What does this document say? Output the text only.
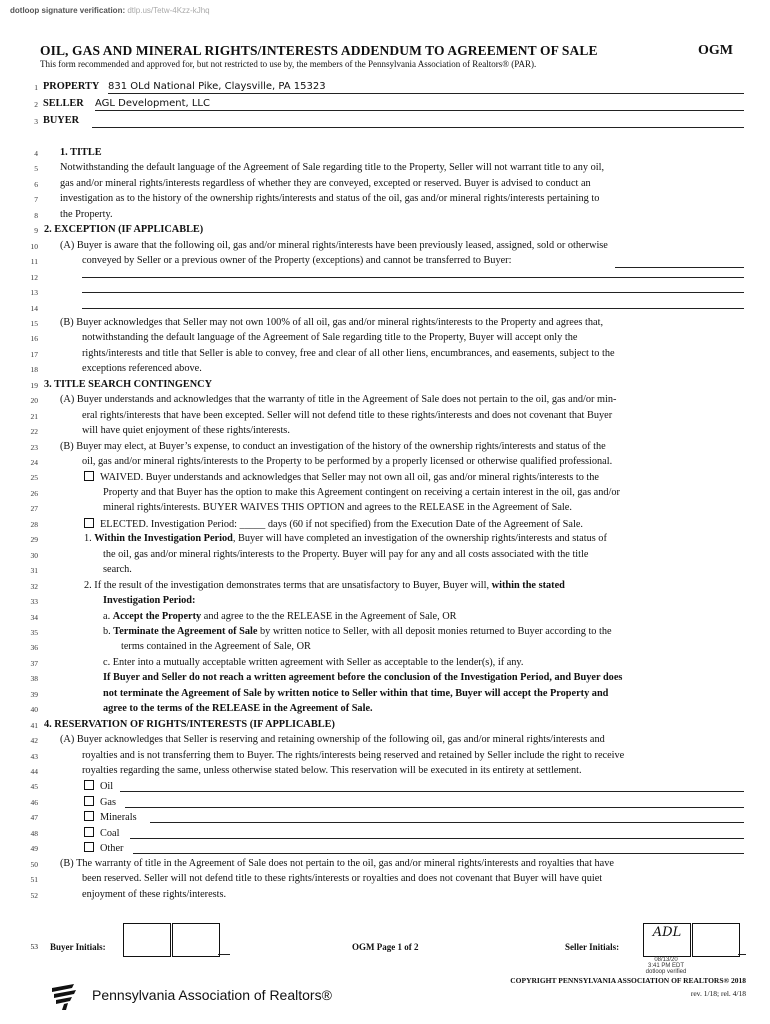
dotloop signature verification: dtlp.us/Tetw-4Kzz-kJhq
OIL, GAS AND MINERAL RIGHTS/INTERESTS ADDENDUM TO AGREEMENT OF SALE	OGM
This form recommended and approved for, but not restricted to use by, the members of the Pennsylvania Association of Realtors® (PAR).
1 PROPERTY 831 OLd National Pike, Claysville, PA 15323
2 SELLER AGL Development, LLC
3 BUYER
4 1. TITLE
5 Notwithstanding the default language of the Agreement of Sale regarding title to the Property, Seller will not warrant title to any oil,
6 gas and/or mineral rights/interests regardless of whether they are conveyed, excepted or reserved. Buyer is advised to conduct an
7 investigation as to the history of the ownership rights/interests and status of the oil, gas and/or mineral rights/interests pertaining to
8 the Property.
9 2. EXCEPTION (IF APPLICABLE)
10 (A) Buyer is aware that the following oil, gas and/or mineral rights/interests have been previously leased, assigned, sold or otherwise
11	conveyed by Seller or a previous owner of the Property (exceptions) and cannot be transferred to Buyer:
12
13
14
15 (B) Buyer acknowledges that Seller may not own 100% of all oil, gas and/or mineral rights/interests to the Property and agrees that,
16	notwithstanding the default language of the Agreement of Sale regarding title to the Property, Buyer will accept only the
17	rights/interests and title that Seller is able to convey, free and clear of all other liens, encumbrances, and easements, subject to the
18	exceptions referenced above.
19 3. TITLE SEARCH CONTINGENCY
20 (A) Buyer understands and acknowledges that the warranty of title in the Agreement of Sale does not pertain to the oil, gas and/or min-
21	eral rights/interests that have been excepted. Seller will not defend title to these rights/interests and does not covenant that Buyer
22	will have quiet enjoyment of these rights/interests.
23 (B) Buyer may elect, at Buyer’s expense, to conduct an investigation of the history of the ownership rights/interests and status of the
24	oil, gas and/or mineral rights/interests to the Property to be performed by a properly licensed or otherwise qualified professional.
25	WAIVED. Buyer understands and acknowledges that Seller may not own all oil, gas and/or mineral rights/interests to the
26	Property and that Buyer has the option to make this Agreement contingent on receiving a certain interest in the oil, gas and/or
27	mineral rights/interests. BUYER WAIVES THIS OPTION and agrees to the RELEASE in the Agreement of Sale.
28	ELECTED. Investigation Period: _____ days (60 if not specified) from the Execution Date of the Agreement of Sale.
29	1. Within the Investigation Period, Buyer will have completed an investigation of the ownership rights/interests and status of
30	the oil, gas and/or mineral rights/interests to the Property. Buyer will pay for any and all costs associated with the title
31	search.
32	2. If the result of the investigation demonstrates terms that are unsatisfactory to Buyer, Buyer will, within the stated
33	Investigation Period:
34	a. Accept the Property and agree to the the RELEASE in the Agreement of Sale, OR
35	b. Terminate the Agreement of Sale by written notice to Seller, with all deposit monies returned to Buyer according to the
36	terms contained in the Agreement of Sale, OR
37	c. Enter into a mutually acceptable written agreement with Seller as acceptable to the lender(s), if any.
38	If Buyer and Seller do not reach a written agreement before the conclusion of the Investigation Period, and Buyer does
39	not terminate the Agreement of Sale by written notice to Seller within that time, Buyer will accept the Property and
40	agree to the terms of the RELEASE in the Agreement of Sale.
41 4. RESERVATION OF RIGHTS/INTERESTS (IF APPLICABLE)
42 (A) Buyer acknowledges that Seller is reserving and retaining ownership of the following oil, gas and/or mineral rights/interests and
43	royalties and is not transferring them to Buyer. The rights/interests being reserved and retained by Seller include the right to receive
44	royalties regarding the same, unless otherwise stated below. This reservation will be executed in its entirety at settlement.
45	Oil
46	Gas
47	Minerals
48	Coal
49	Other
50 (B) The warranty of title in the Agreement of Sale does not pertain to the oil, gas and/or mineral rights/interests and royalties that have
51	been reserved. Seller will not defend title to these rights/interests or royalties and does not covenant that Buyer will have quiet
52	enjoyment of these rights/interests.
53 Buyer Initials:	OGM Page 1 of 2	Seller Initials:
ADL
08/13/20
3:41 PM EDT
dotloop verified
Pennsylvania Association of Realtors®
COPYRIGHT PENNSYLVANIA ASSOCIATION OF REALTORS® 2018
rev. 1/18; rel. 4/18
